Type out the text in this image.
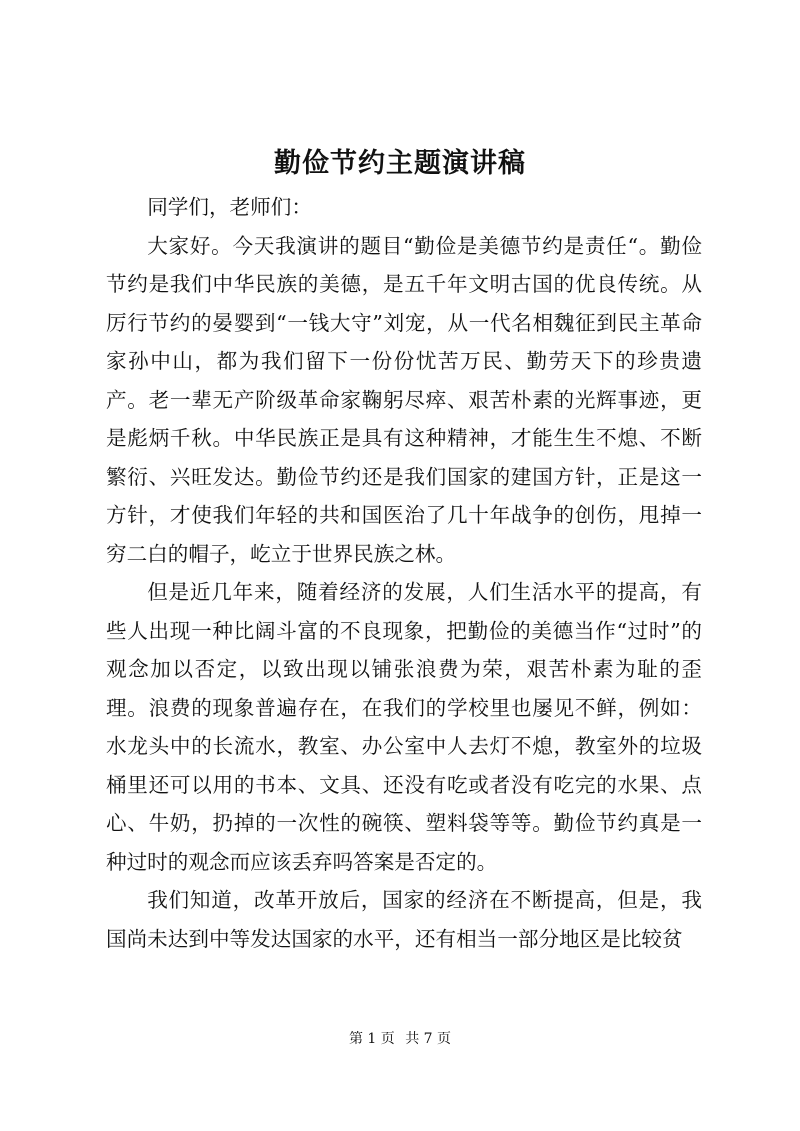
勤俭节约主题演讲稿

同学们，老师们：

大家好。今天我演讲的题目“勤俭是美德节约是责任“。勤俭节约是我们中华民族的美德，是五千年文明古国的优良传统。从厉行节约的晏婴到“一钱大守”刘宠，从一代名相魏征到民主革命家孙中山，都为我们留下一份份忧苦万民、勤劳天下的珍贵遗产。老一辈无产阶级革命家鞠躬尽瘁、艰苦朴素的光辉事迹，更是彪炳千秋。中华民族正是具有这种精神，才能生生不熄、不断繁衍、兴旺发达。勤俭节约还是我们国家的建国方针，正是这一方针，才使我们年轻的共和国医治了几十年战争的创伤，甩掉一穷二白的帽子，屹立于世界民族之林。

但是近几年来，随着经济的发展，人们生活水平的提高，有些人出现一种比阔斗富的不良现象，把勤俭的美德当作“过时”的观念加以否定，以致出现以铺张浪费为荣，艰苦朴素为耻的歪理。浪费的现象普遍存在，在我们的学校里也屡见不鲜，例如：水龙头中的长流水，教室、办公室中人去灯不熄，教室外的垃圾桶里还可以用的书本、文具、还没有吃或者没有吃完的水果、点心、牛奶，扔掉的一次性的碗筷、塑料袋等等。勤俭节约真是一种过时的观念而应该丢弃吗答案是否定的。

我们知道，改革开放后，国家的经济在不断提高，但是，我国尚未达到中等发达国家的水平，还有相当一部分地区是比较贫

第 1 页 共 7 页
